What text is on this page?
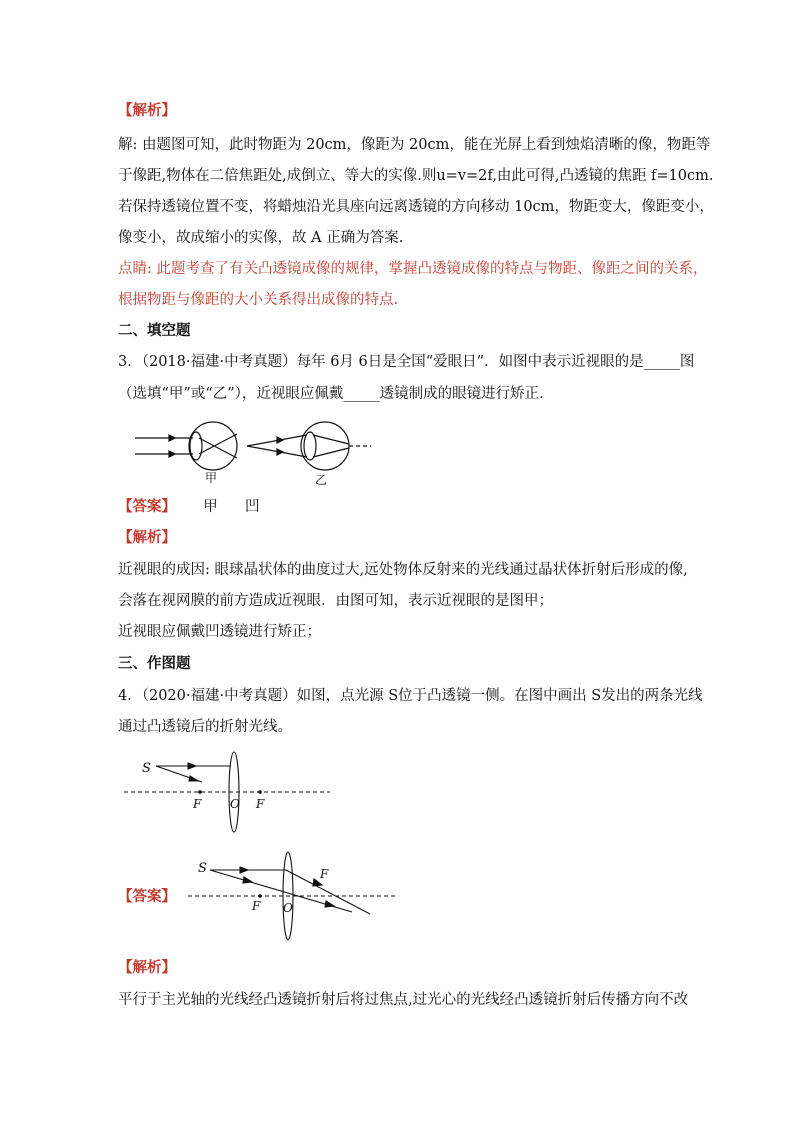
【解析】
解: 由题图可知，此时物距为 20cm，像距为 20cm，能在光屏上看到烛焰清晰的像，物距等
于像距,物体在二倍焦距处,成倒立、等大的实像.则u=v=2f,由此可得,凸透镜的焦距 f=10cm.
若保持透镜位置不变，将蜡烛沿光具座向远离透镜的方向移动 10cm，物距变大，像距变小，
像变小，故成缩小的实像，故 A 正确为答案.
点睛: 此题考查了有关凸透镜成像的规律，掌握凸透镜成像的特点与物距、像距之间的关系，
根据物距与像距的大小关系得出成像的特点.
二、填空题
3．（2018·福建·中考真题）每年 6月 6日是全国“爱眼日”．如图中表示近视眼的是_____图
（选填“甲”或“乙”），近视眼应佩戴_____透镜制成的眼镜进行矫正．
甲	乙
【答案】 甲 凹
【解析】
近视眼的成因: 眼球晶状体的曲度过大,远处物体反射来的光线通过晶状体折射后形成的像,
会落在视网膜的前方造成近视眼．由图可知，表示近视眼的是图甲；
近视眼应佩戴凹透镜进行矫正；
三、作图题
4．（2020·福建·中考真题）如图，点光源 S位于凸透镜一侧。在图中画出 S发出的两条光线
通过凸透镜后的折射光线。
S
F O F
【答案】
S
F O
F
【解析】
平行于主光轴的光线经凸透镜折射后将过焦点,过光心的光线经凸透镜折射后传播方向不改
